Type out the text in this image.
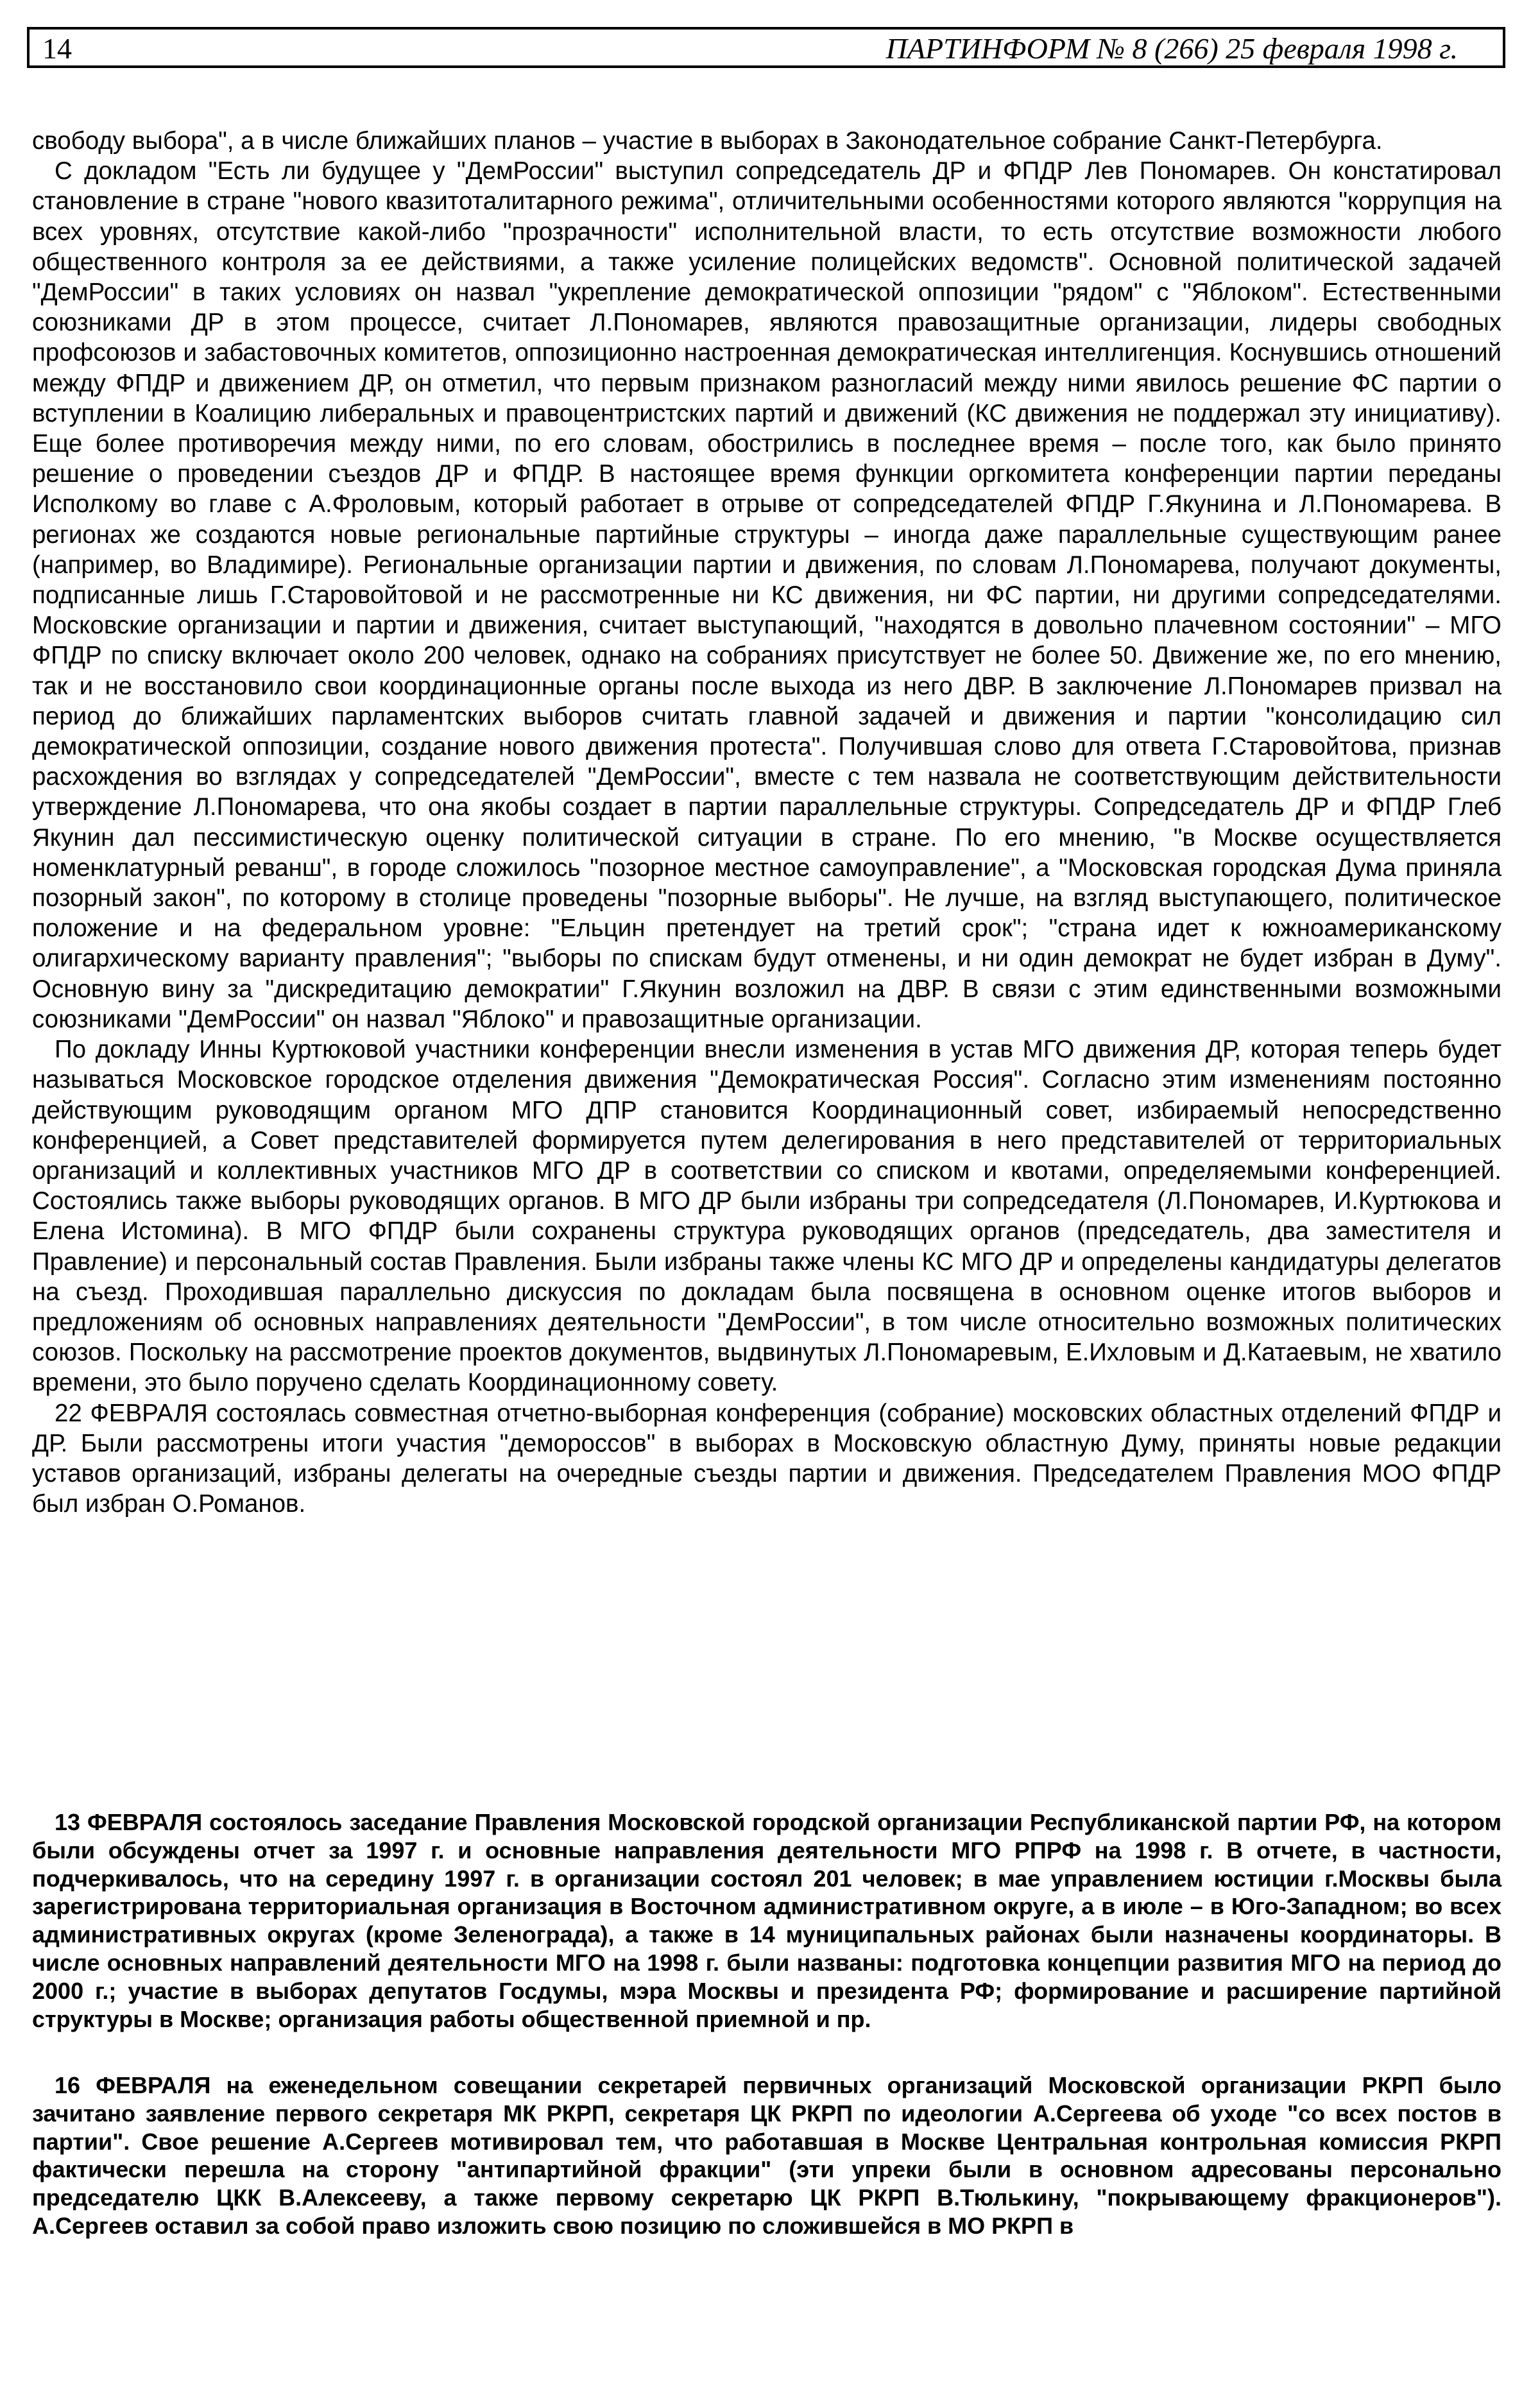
14	ПАРТИНФОРМ № 8 (266) 25 февраля 1998 г.

свободу выбора", а в числе ближайших планов – участие в выборах в Законодательное собрание Санкт-Петербурга.

С докладом "Есть ли будущее у "ДемРоссии" выступил сопредседатель ДР и ФПДР Лев Пономарев. Он констатировал становление в стране "нового квазитоталитарного режима", отличительными особенностями которого являются "коррупция на всех уровнях, отсутствие какой-либо "прозрачности" исполнительной власти, то есть отсутствие возможности любого общественного контроля за ее действиями, а также усиление полицейских ведомств". Основной политической задачей "ДемРоссии" в таких условиях он назвал "укрепление демократической оппозиции "рядом" с "Яблоком". Естественными союзниками ДР в этом процессе, считает Л.Пономарев, являются правозащитные организации, лидеры свободных профсоюзов и забастовочных комитетов, оппозиционно настроенная демократическая интеллигенция. Коснувшись отношений между ФПДР и движением ДР, он отметил, что первым признаком разногласий между ними явилось решение ФС партии о вступлении в Коалицию либеральных и правоцентристских партий и движений (КС движения не поддержал эту инициативу). Еще более противоречия между ними, по его словам, обострились в последнее время – после того, как было принято решение о проведении съездов ДР и ФПДР. В настоящее время функции оргкомитета конференции партии переданы Исполкому во главе с А.Фроловым, который работает в отрыве от сопредседателей ФПДР Г.Якунина и Л.Пономарева. В регионах же создаются новые региональные партийные структуры – иногда даже параллельные существующим ранее (например, во Владимире). Региональные организации партии и движения, по словам Л.Пономарева, получают документы, подписанные лишь Г.Старовойтовой и не рассмотренные ни КС движения, ни ФС партии, ни другими сопредседателями. Московские организации и партии и движения, считает выступающий, "находятся в довольно плачевном состоянии" – МГО ФПДР по списку включает около 200 человек, однако на собраниях присутствует не более 50. Движение же, по его мнению, так и не восстановило свои координационные органы после выхода из него ДВР. В заключение Л.Пономарев призвал на период до ближайших парламентских выборов считать главной задачей и движения и партии "консолидацию сил демократической оппозиции, создание нового движения протеста". Получившая слово для ответа Г.Старовойтова, признав расхождения во взглядах у сопредседателей "ДемРоссии", вместе с тем назвала не соответствующим действительности утверждение Л.Пономарева, что она якобы создает в партии параллельные структуры. Сопредседатель ДР и ФПДР Глеб Якунин дал пессимистическую оценку политической ситуации в стране. По его мнению, "в Москве осуществляется номенклатурный реванш", в городе сложилось "позорное местное самоуправление", а "Московская городская Дума приняла позорный закон", по которому в столице проведены "позорные выборы". Не лучше, на взгляд выступающего, политическое положение и на федеральном уровне: "Ельцин претендует на третий срок"; "страна идет к южноамериканскому олигархическому варианту правления"; "выборы по спискам будут отменены, и ни один демократ не будет избран в Думу". Основную вину за "дискредитацию демократии" Г.Якунин возложил на ДВР. В связи с этим единственными возможными союзниками "ДемРоссии" он назвал "Яблоко" и правозащитные организации.

По докладу Инны Куртюковой участники конференции внесли изменения в устав МГО движения ДР, которая теперь будет называться Московское городское отделения движения "Демократическая Россия". Согласно этим изменениям постоянно действующим руководящим органом МГО ДПР становится Координационный совет, избираемый непосредственно конференцией, а Совет представителей формируется путем делегирования в него представителей от территориальных организаций и коллективных участников МГО ДР в соответствии со списком и квотами, определяемыми конференцией. Состоялись также выборы руководящих органов. В МГО ДР были избраны три сопредседателя (Л.Пономарев, И.Куртюкова и Елена Истомина). В МГО ФПДР были сохранены структура руководящих органов (председатель, два заместителя и Правление) и персональный состав Правления. Были избраны также члены КС МГО ДР и определены кандидатуры делегатов на съезд. Проходившая параллельно дискуссия по докладам была посвящена в основном оценке итогов выборов и предложениям об основных направлениях деятельности "ДемРоссии", в том числе относительно возможных политических союзов. Поскольку на рассмотрение проектов документов, выдвинутых Л.Пономаревым, Е.Ихловым и Д.Катаевым, не хватило времени, это было поручено сделать Координационному совету.

22 ФЕВРАЛЯ состоялась совместная отчетно-выборная конференция (собрание) московских областных отделений ФПДР и ДР. Были рассмотрены итоги участия "демороссов" в выборах в Московскую областную Думу, приняты новые редакции уставов организаций, избраны делегаты на очередные съезды партии и движения. Председателем Правления МОО ФПДР был избран О.Романов.

13 ФЕВРАЛЯ состоялось заседание Правления Московской городской организации Республиканской партии РФ, на котором были обсуждены отчет за 1997 г. и основные направления деятельности МГО РПРФ на 1998 г. В отчете, в частности, подчеркивалось, что на середину 1997 г. в организации состоял 201 человек; в мае управлением юстиции г.Москвы была зарегистрирована территориальная организация в Восточном административном округе, а в июле – в Юго-Западном; во всех административных округах (кроме Зеленограда), а также в 14 муниципальных районах были назначены координаторы. В числе основных направлений деятельности МГО на 1998 г. были названы: подготовка концепции развития МГО на период до 2000 г.; участие в выборах депутатов Госдумы, мэра Москвы и президента РФ; формирование и расширение партийной структуры в Москве; организация работы общественной приемной и пр.

16 ФЕВРАЛЯ на еженедельном совещании секретарей первичных организаций Московской организации РКРП было зачитано заявление первого секретаря МК РКРП, секретаря ЦК РКРП по идеологии А.Сергеева об уходе "со всех постов в партии". Свое решение А.Сергеев мотивировал тем, что работавшая в Москве Центральная контрольная комиссия РКРП фактически перешла на сторону "антипартийной фракции" (эти упреки были в основном адресованы персонально председателю ЦКК В.Алексееву, а также первому секретарю ЦК РКРП В.Тюлькину, "покрывающему фракционеров"). А.Сергеев оставил за собой право изложить свою позицию по сложившейся в МО РКРП в
